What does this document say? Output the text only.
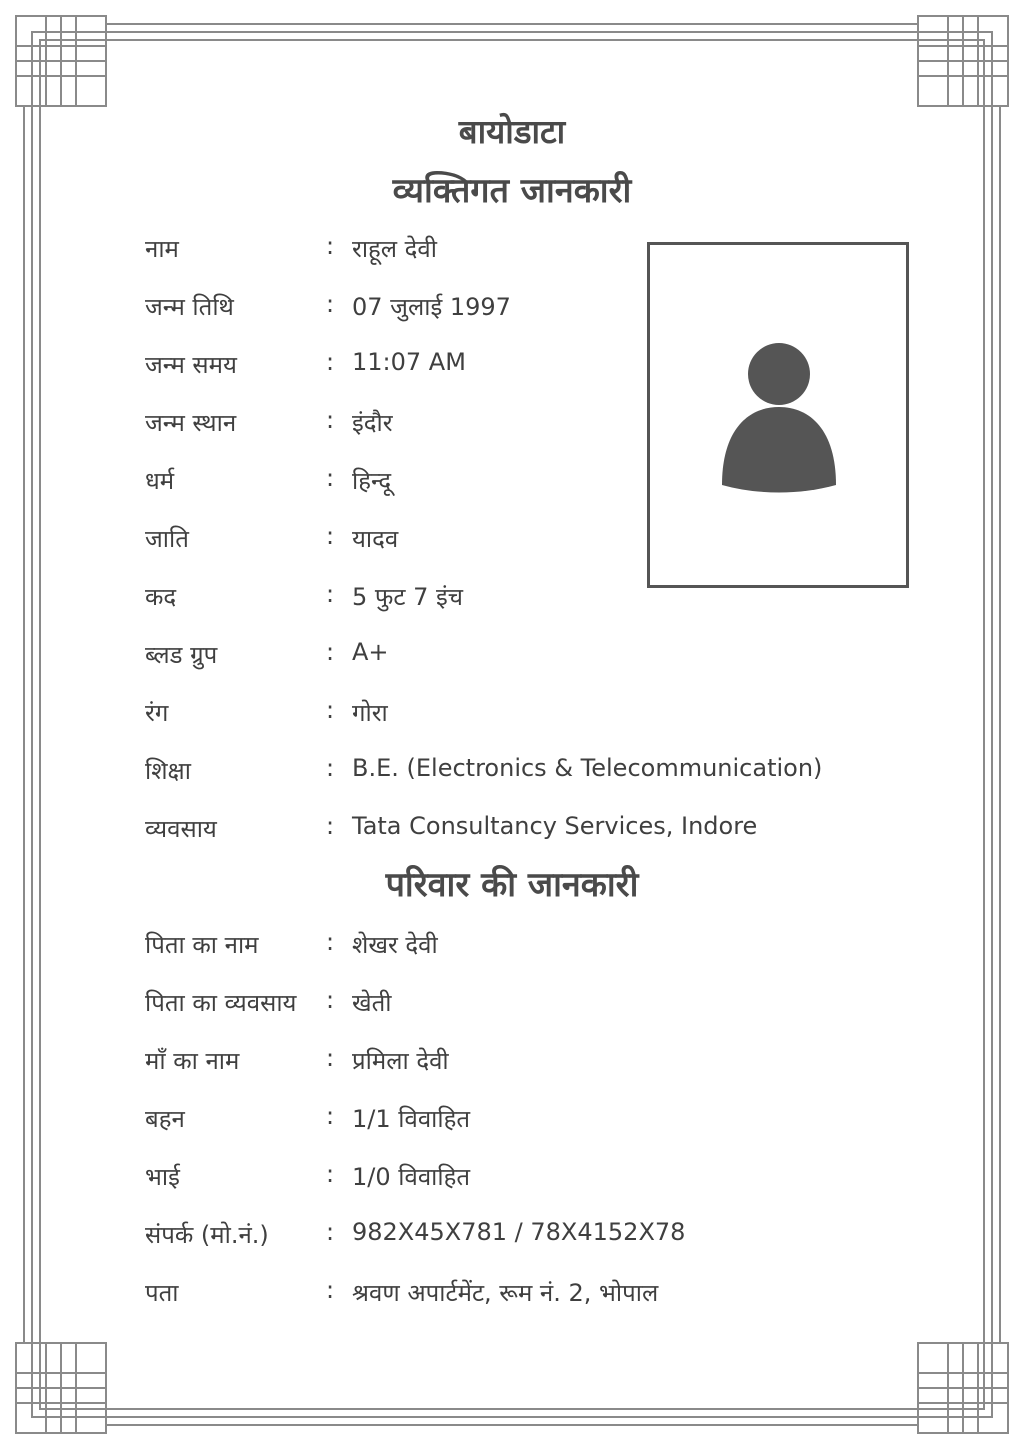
बायोडाटा
व्यक्तिगत जानकारी
नाम	: राहूल देवी
जन्म तिथि	: 07 जुलाई 1997
जन्म समय	: 11:07 AM
जन्म स्थान	: इंदौर
धर्म	: हिन्दू
जाति	: यादव
कद	: 5 फुट 7 इंच
ब्लड ग्रुप	: A+
रंग	: गोरा
शिक्षा	: B.E. (Electronics & Telecommunication)
व्यवसाय	: Tata Consultancy Services, Indore
परिवार की जानकारी
पिता का नाम	: शेखर देवी
पिता का व्यवसाय : खेती
माँ का नाम	: प्रमिला देवी
बहन	: 1/1 विवाहित
भाई	: 1/0 विवाहित
संपर्क (मो.नं.) : 982X45X781 / 78X4152X78
पता	: श्रवण अपार्टमेंट, रूम नं. 2, भोपाल
